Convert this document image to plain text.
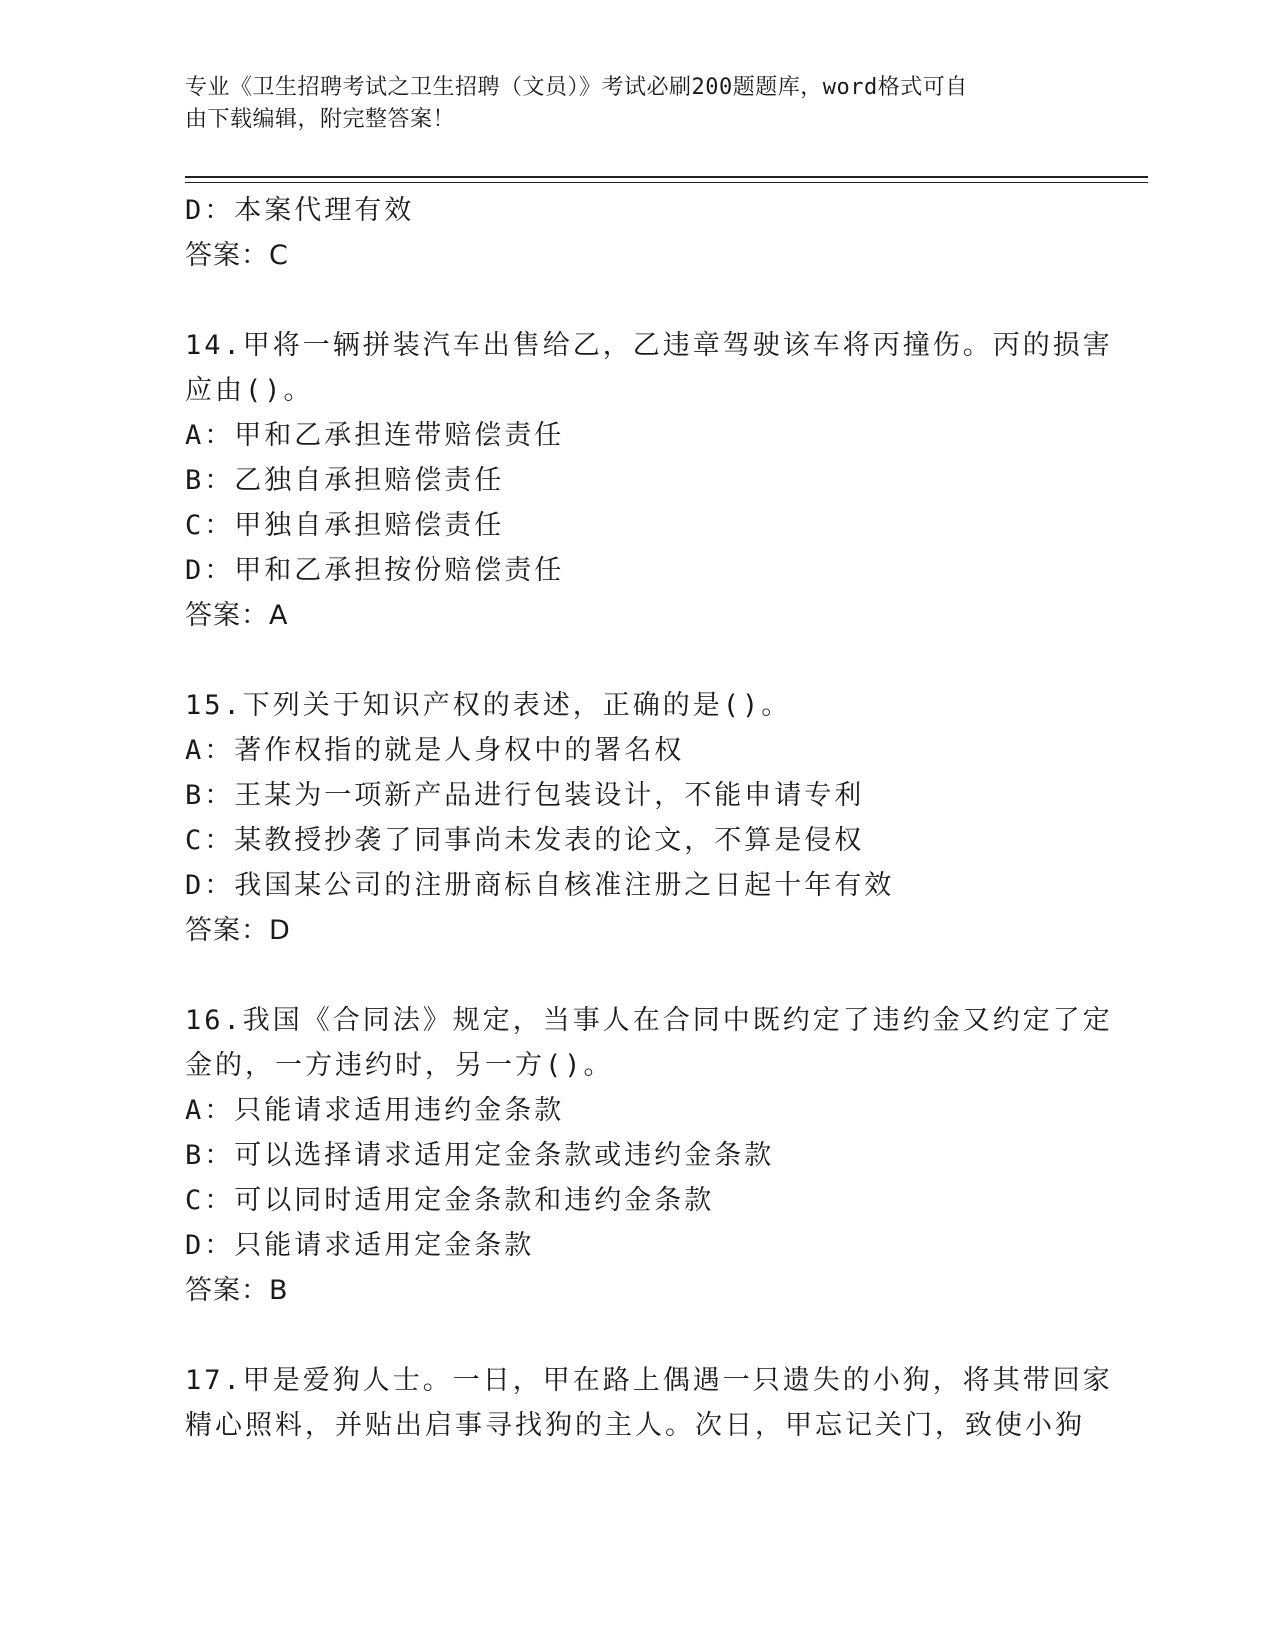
专业《卫生招聘考试之卫生招聘（文员）》考试必刷200题题库，word格式可自
由下载编辑，附完整答案！
D：本案代理有效
答案：C
14.甲将一辆拼装汽车出售给乙，乙违章驾驶该车将丙撞伤。丙的损害
应由()。
A：甲和乙承担连带赔偿责任
B：乙独自承担赔偿责任
C：甲独自承担赔偿责任
D：甲和乙承担按份赔偿责任
答案：A
15.下列关于知识产权的表述，正确的是()。
A：著作权指的就是人身权中的署名权
B：王某为一项新产品进行包装设计，不能申请专利
C：某教授抄袭了同事尚未发表的论文，不算是侵权
D：我国某公司的注册商标自核准注册之日起十年有效
答案：D
16.我国《合同法》规定，当事人在合同中既约定了违约金又约定了定
金的，一方违约时，另一方()。
A：只能请求适用违约金条款
B：可以选择请求适用定金条款或违约金条款
C：可以同时适用定金条款和违约金条款
D：只能请求适用定金条款
答案：B
17.甲是爱狗人士。一日，甲在路上偶遇一只遗失的小狗，将其带回家
精心照料，并贴出启事寻找狗的主人。次日，甲忘记关门，致使小狗
